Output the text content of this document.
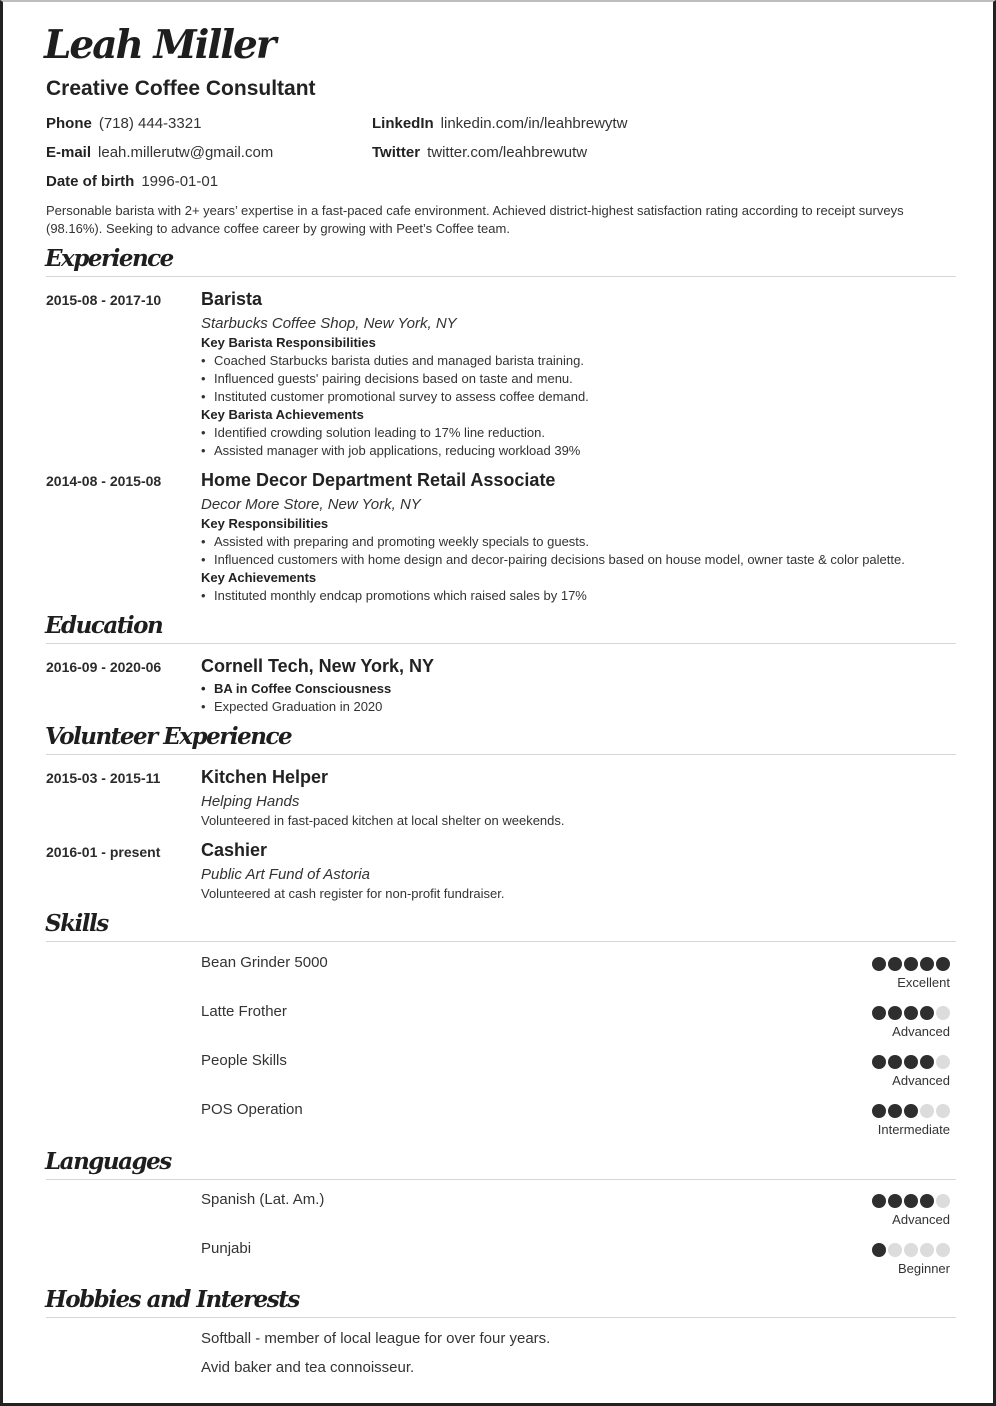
Leah Miller
Creative Coffee Consultant
Phone (718) 444-3321
E-mail leah.millerutw@gmail.com
Date of birth 1996-01-01
LinkedIn linkedin.com/in/leahbrewytw
Twitter twitter.com/leahbrewutw
Personable barista with 2+ years’ expertise in a fast-paced cafe environment. Achieved district-highest satisfaction rating according to receipt surveys (98.16%). Seeking to advance coffee career by growing with Peet’s Coffee team.
Experience
2015-08 - 2017-10 Barista
Starbucks Coffee Shop, New York, NY
Key Barista Responsibilities
• Coached Starbucks barista duties and managed barista training.
• Influenced guests' pairing decisions based on taste and menu.
• Instituted customer promotional survey to assess coffee demand.
Key Barista Achievements
• Identified crowding solution leading to 17% line reduction.
• Assisted manager with job applications, reducing workload 39%
2014-08 - 2015-08 Home Decor Department Retail Associate
Decor More Store, New York, NY
Key Responsibilities
• Assisted with preparing and promoting weekly specials to guests.
• Influenced customers with home design and decor-pairing decisions based on house model, owner taste & color palette.
Key Achievements
• Instituted monthly endcap promotions which raised sales by 17%
Education
2016-09 - 2020-06 Cornell Tech, New York, NY
• BA in Coffee Consciousness
• Expected Graduation in 2020
Volunteer Experience
2015-03 - 2015-11 Kitchen Helper
Helping Hands
Volunteered in fast-paced kitchen at local shelter on weekends.
2016-01 - present Cashier
Public Art Fund of Astoria
Volunteered at cash register for non-profit fundraiser.
Skills
Bean Grinder 5000
Excellent
Latte Frother
Advanced
People Skills
Advanced
POS Operation
Intermediate
Languages
Spanish (Lat. Am.)
Advanced
Punjabi
Beginner
Hobbies and Interests
Softball - member of local league for over four years.
Avid baker and tea connoisseur.
